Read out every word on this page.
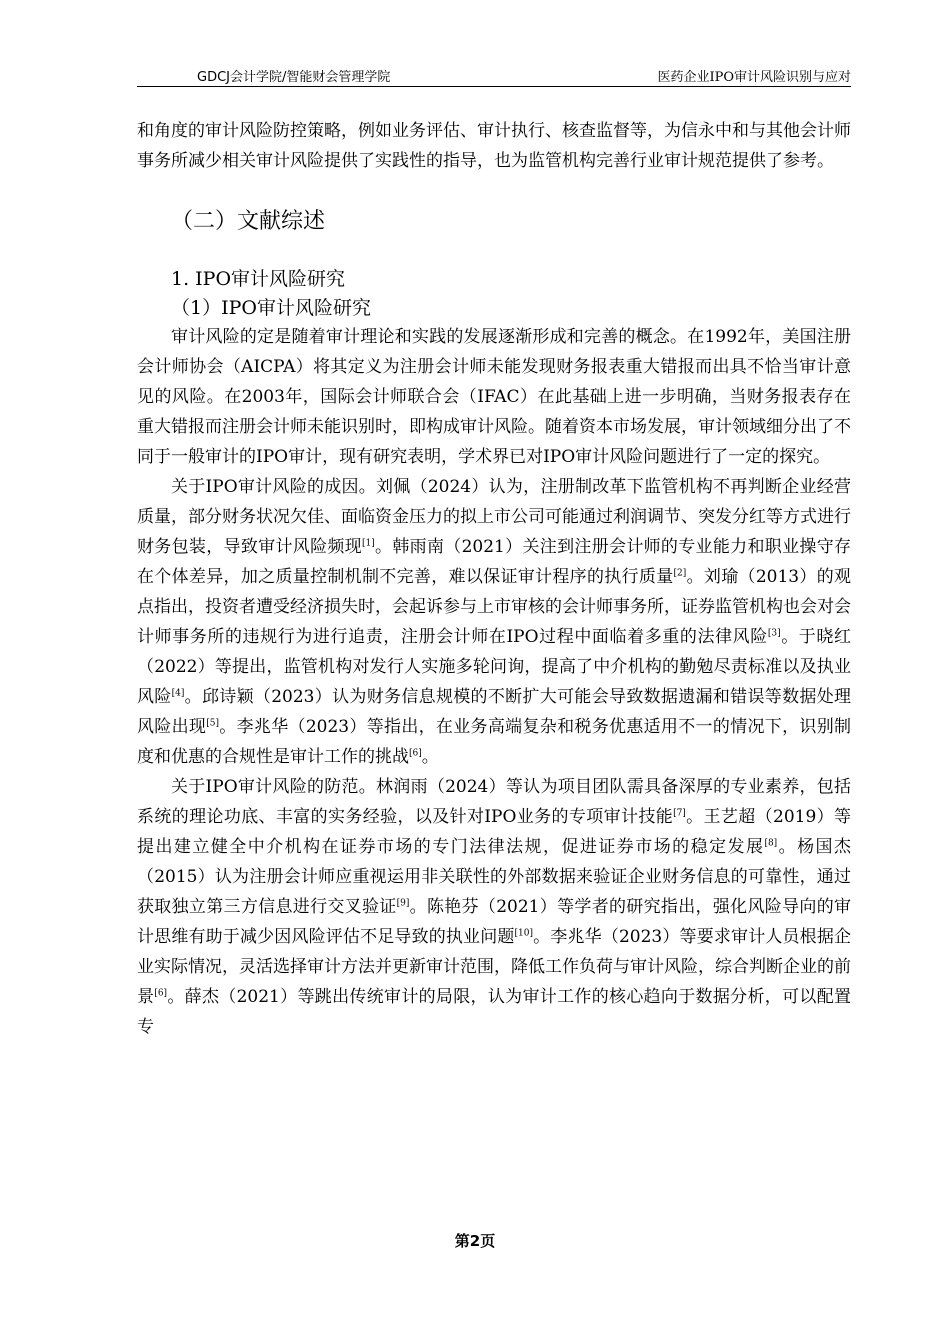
GDCJ会计学院/智能财会管理学院	医药企业IPO审计风险识别与应对

和角度的审计风险防控策略，例如业务评估、审计执行、核查监督等，为信永中和与其他会计师事务所减少相关审计风险提供了实践性的指导，也为监管机构完善行业审计规范提供了参考。

（二）文献综述
1. IPO审计风险研究
（1）IPO审计风险研究

审计风险的定是随着审计理论和实践的发展逐渐形成和完善的概念。在1992年，美国注册会计师协会（AICPA）将其定义为注册会计师未能发现财务报表重大错报而出具不恰当审计意见的风险。在2003年，国际会计师联合会（IFAC）在此基础上进一步明确，当财务报表存在重大错报而注册会计师未能识别时，即构成审计风险。随着资本市场发展，审计领域细分出了不同于一般审计的IPO审计，现有研究表明，学术界已对IPO审计风险问题进行了一定的探究。

关于IPO审计风险的成因。刘佩（2024）认为，注册制改革下监管机构不再判断企业经营质量，部分财务状况欠佳、面临资金压力的拟上市公司可能通过利润调节、突发分红等方式进行财务包装，导致审计风险频现[1]。韩雨南（2021）关注到注册会计师的专业能力和职业操守存在个体差异，加之质量控制机制不完善，难以保证审计程序的执行质量[2]。刘瑜（2013）的观点指出，投资者遭受经济损失时，会起诉参与上市审核的会计师事务所，证券监管机构也会对会计师事务所的违规行为进行追责，注册会计师在IPO过程中面临着多重的法律风险[3]。于晓红（2022）等提出，监管机构对发行人实施多轮问询，提高了中介机构的勤勉尽责标准以及执业风险[4]。邱诗颖（2023）认为财务信息规模的不断扩大可能会导致数据遗漏和错误等数据处理风险出现[5]。李兆华（2023）等指出，在业务高端复杂和税务优惠适用不一的情况下，识别制度和优惠的合规性是审计工作的挑战[6]。

关于IPO审计风险的防范。林润雨（2024）等认为项目团队需具备深厚的专业素养，包括系统的理论功底、丰富的实务经验，以及针对IPO业务的专项审计技能[7]。王艺超（2019）等提出建立健全中介机构在证券市场的专门法律法规，促进证券市场的稳定发展[8]。杨国杰（2015）认为注册会计师应重视运用非关联性的外部数据来验证企业财务信息的可靠性，通过获取独立第三方信息进行交叉验证[9]。陈艳芬（2021）等学者的研究指出，强化风险导向的审计思维有助于减少因风险评估不足导致的执业问题[10]。李兆华（2023）等要求审计人员根据企业实际情况，灵活选择审计方法并更新审计范围，降低工作负荷与审计风险，综合判断企业的前景[6]。薛杰（2021）等跳出传统审计的局限，认为审计工作的核心趋向于数据分析，可以配置专

第2页
